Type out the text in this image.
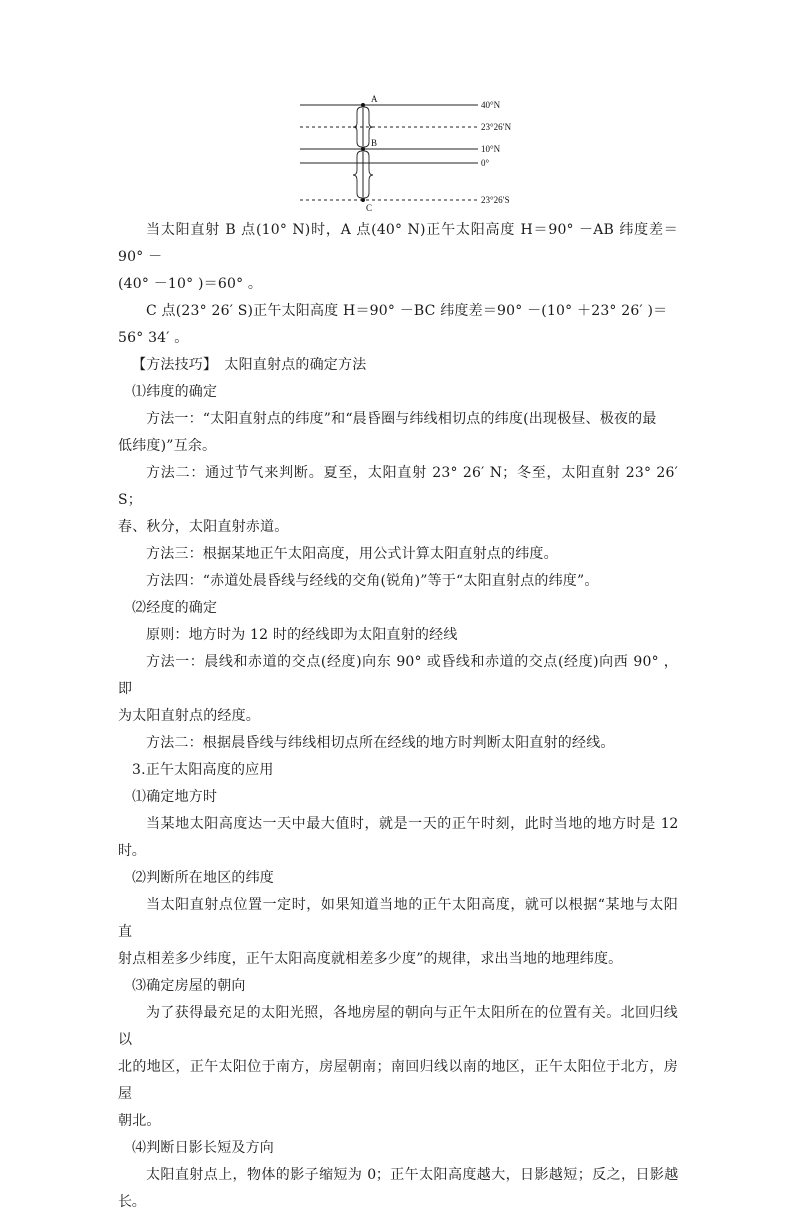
A
B
C
40°N
23°26′N
10°N
0°
23°26′S

当太阳直射 B 点(10° N)时，A 点(40° N)正午太阳高度 H＝90° －AB 纬度差＝90° －
(40° －10° )＝60° 。

C 点(23° 26′ S)正午太阳高度 H＝90° －BC 纬度差＝90° －(10° ＋23° 26′ )＝
56° 34′ 。

【方法技巧】　太阳直射点的确定方法

⑴纬度的确定

方法一：“太阳直射点的纬度”和“晨昏圈与纬线相切点的纬度(出现极昼、极夜的最
低纬度)”互余。

方法二：通过节气来判断。夏至，太阳直射 23° 26′ N；冬至，太阳直射 23° 26′ S；
春、秋分，太阳直射赤道。

方法三：根据某地正午太阳高度，用公式计算太阳直射点的纬度。

方法四：“赤道处晨昏线与经线的交角(锐角)”等于“太阳直射点的纬度”。

⑵经度的确定

原则：地方时为 12 时的经线即为太阳直射的经线

方法一：晨线和赤道的交点(经度)向东 90° 或昏线和赤道的交点(经度)向西 90° ，即
为太阳直射点的经度。

方法二：根据晨昏线与纬线相切点所在经线的地方时判断太阳直射的经线。

3.正午太阳高度的应用

⑴确定地方时

当某地太阳高度达一天中最大值时，就是一天的正午时刻，此时当地的地方时是 12 时。

⑵判断所在地区的纬度

当太阳直射点位置一定时，如果知道当地的正午太阳高度，就可以根据“某地与太阳直
射点相差多少纬度，正午太阳高度就相差多少度”的规律，求出当地的地理纬度。

⑶确定房屋的朝向

为了获得最充足的太阳光照，各地房屋的朝向与正午太阳所在的位置有关。北回归线以
北的地区，正午太阳位于南方，房屋朝南；南回归线以南的地区，正午太阳位于北方，房屋
朝北。

⑷判断日影长短及方向

太阳直射点上，物体的影子缩短为 0；正午太阳高度越大，日影越短；反之，日影越长。
